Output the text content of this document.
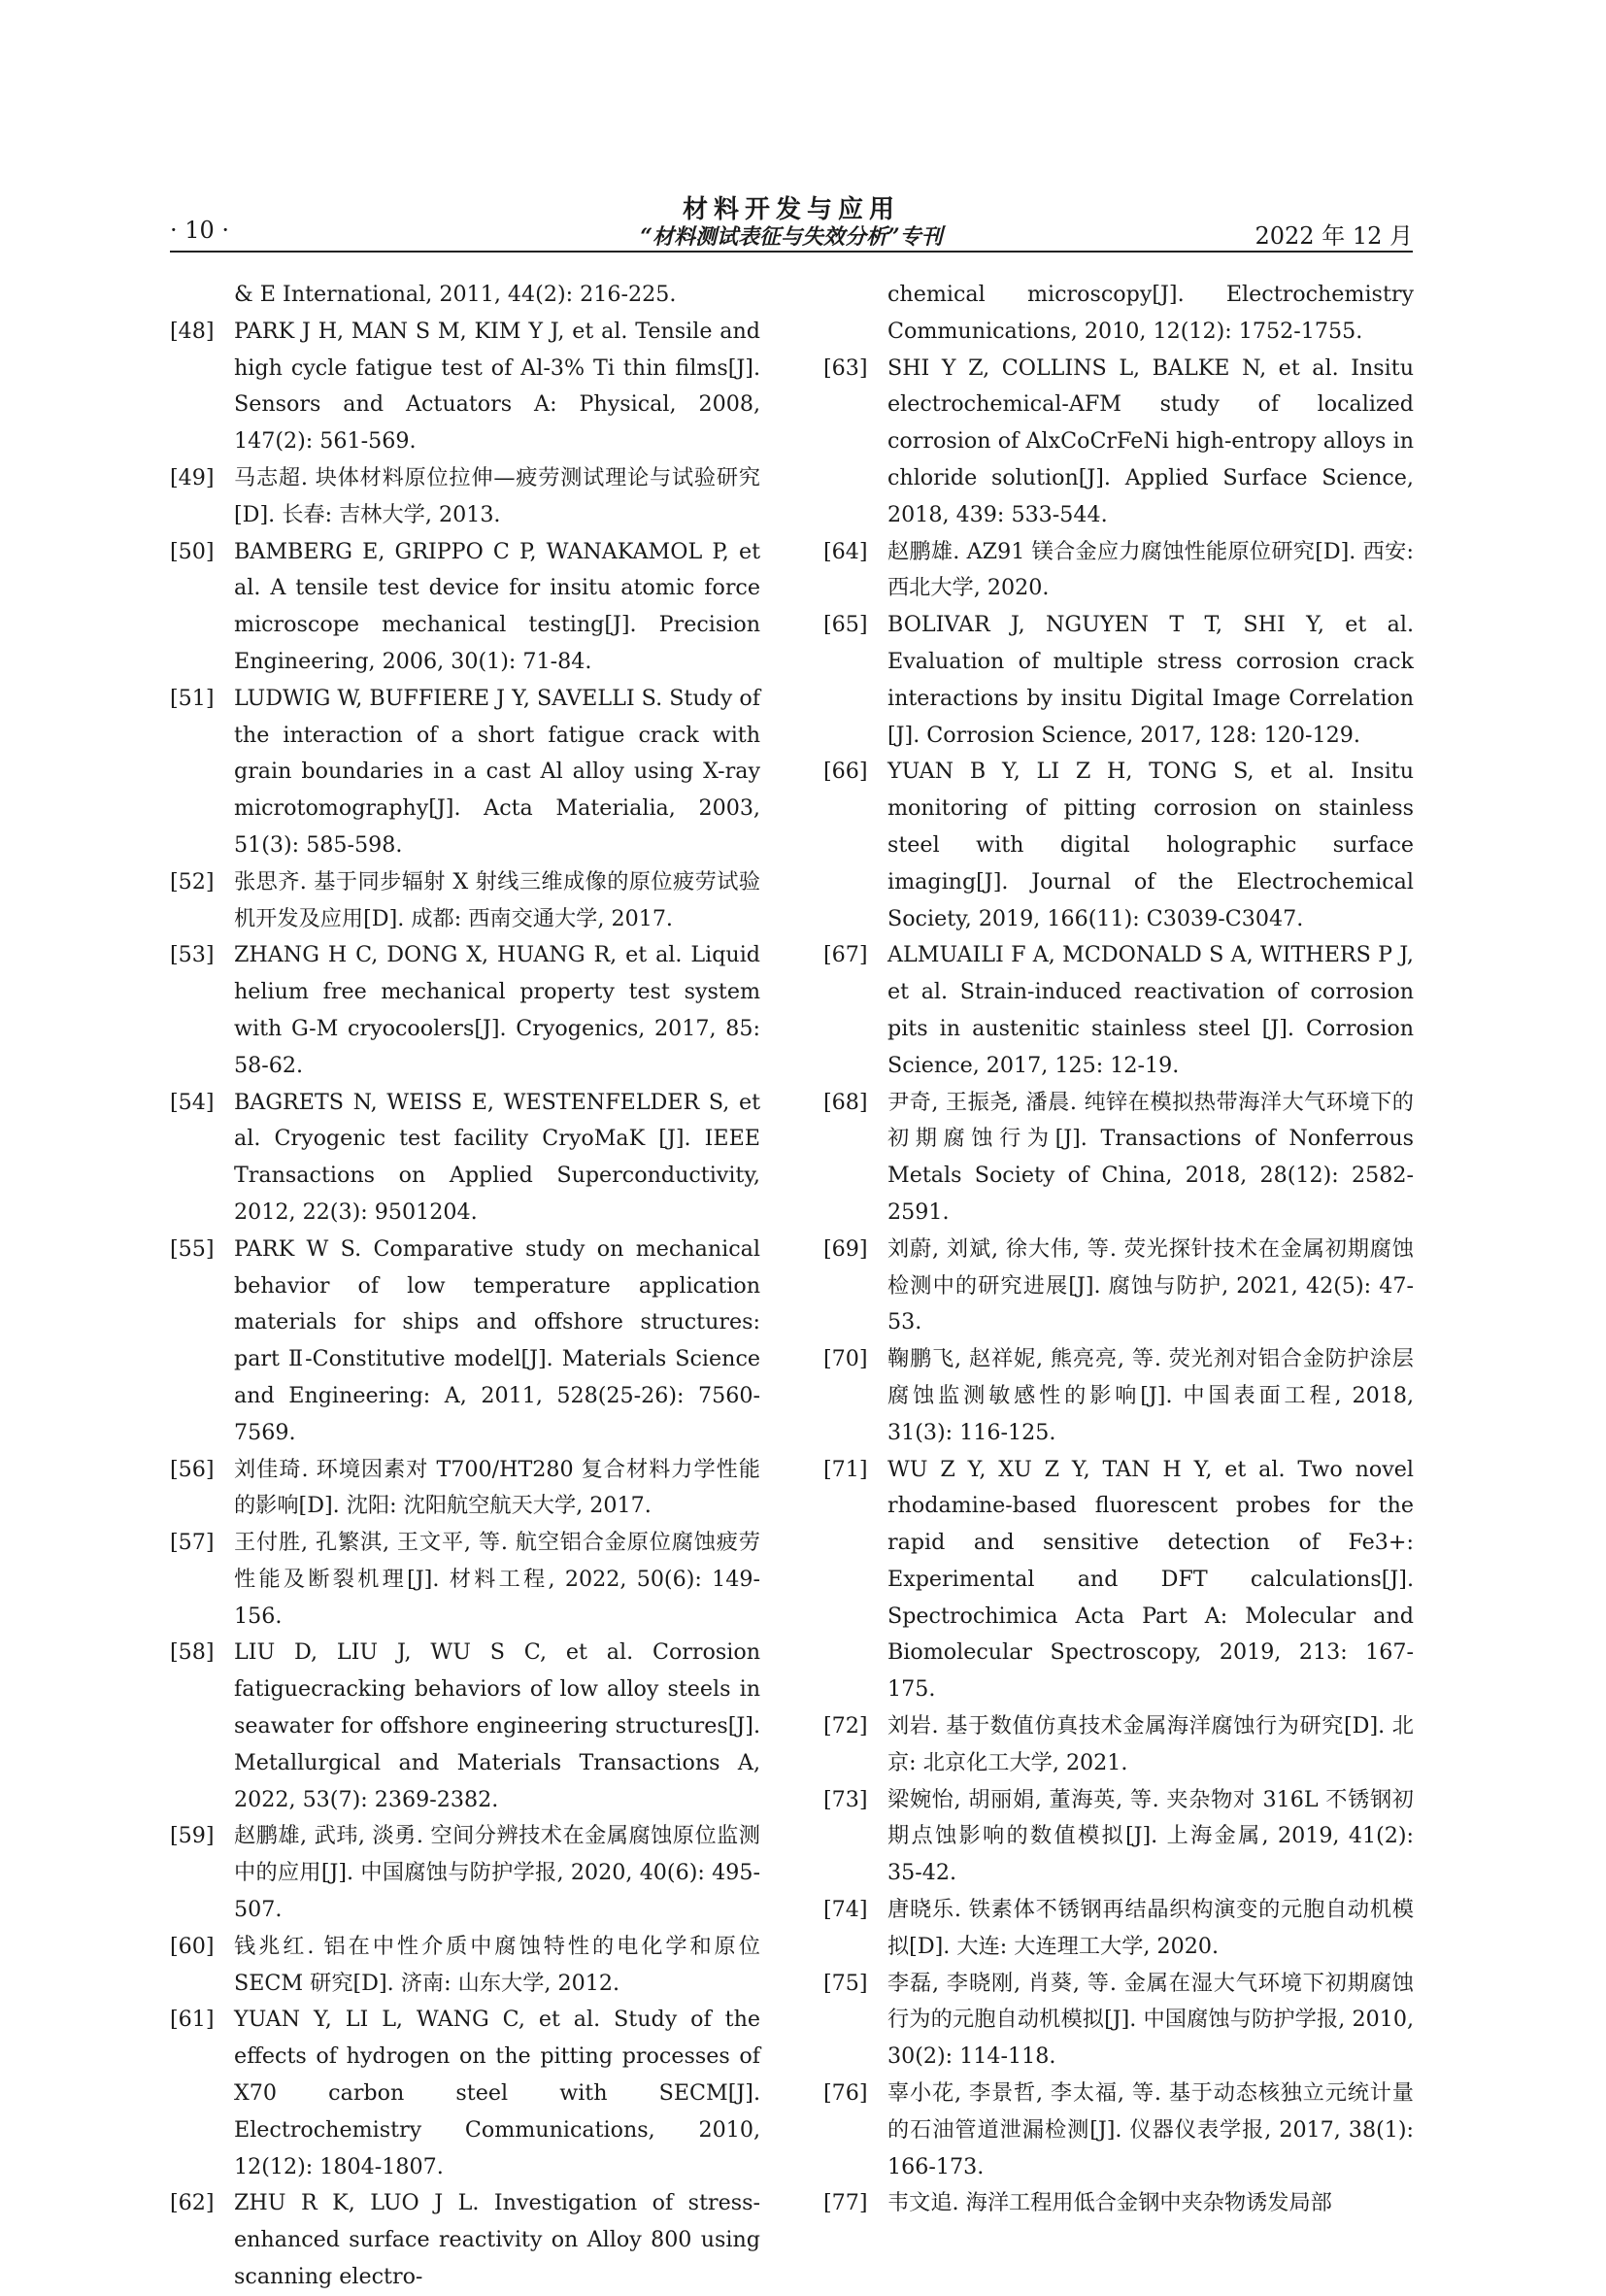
· 10 ·
材料开发与应用
“材料测试表征与失效分析”专刊	2022 年 12 月
& E International, 2011, 44(2): 216-225.
[48] PARK J H, MAN S M, KIM Y J, et al. Tensile and high cycle fatigue test of Al-3% Ti thin films[J]. Sensors and Actuators A: Physical, 2008, 147(2): 561-569.
[49] 马志超. 块体材料原位拉伸—疲劳测试理论与试验研究[D]. 长春: 吉林大学, 2013.
[50] BAMBERG E, GRIPPO C P, WANAKAMOL P, et al. A tensile test device for insitu atomic force microscope mechanical testing[J]. Precision Engineering, 2006, 30(1): 71-84.
[51] LUDWIG W, BUFFIERE J Y, SAVELLI S. Study of the interaction of a short fatigue crack with grain boundaries in a cast Al alloy using X-ray microtomography[J]. Acta Materialia, 2003, 51(3): 585-598.
[52] 张思齐. 基于同步辐射 X 射线三维成像的原位疲劳试验机开发及应用[D]. 成都: 西南交通大学, 2017.
[53] ZHANG H C, DONG X, HUANG R, et al. Liquid helium free mechanical property test system with G-M cryocoolers[J]. Cryogenics, 2017, 85: 58-62.
[54] BAGRETS N, WEISS E, WESTENFELDER S, et al. Cryogenic test facility CryoMaK [J]. IEEE Transactions on Applied Superconductivity, 2012, 22(3): 9501204.
[55] PARK W S. Comparative study on mechanical behavior of low temperature application materials for ships and offshore structures: part Ⅱ-Constitutive model[J]. Materials Science and Engineering: A, 2011, 528(25-26): 7560-7569.
[56] 刘佳琦. 环境因素对 T700/HT280 复合材料力学性能的影响[D]. 沈阳: 沈阳航空航天大学, 2017.
[57] 王付胜, 孔繁淇, 王文平, 等. 航空铝合金原位腐蚀疲劳性能及断裂机理[J]. 材料工程, 2022, 50(6): 149-156.
[58] LIU D, LIU J, WU S C, et al. Corrosion fatiguecracking behaviors of low alloy steels in seawater for offshore engineering structures[J]. Metallurgical and Materials Transactions A, 2022, 53(7): 2369-2382.
[59] 赵鹏雄, 武玮, 淡勇. 空间分辨技术在金属腐蚀原位监测中的应用[J]. 中国腐蚀与防护学报, 2020, 40(6): 495-507.
[60] 钱兆红. 铝在中性介质中腐蚀特性的电化学和原位 SECM 研究[D]. 济南: 山东大学, 2012.
[61] YUAN Y, LI L, WANG C, et al. Study of the effects of hydrogen on the pitting processes of X70 carbon steel with SECM[J]. Electrochemistry Communications, 2010, 12(12): 1804-1807.
[62] ZHU R K, LUO J L. Investigation of stress-enhanced surface reactivity on Alloy 800 using scanning electro-
chemical microscopy[J]. Electrochemistry Communications, 2010, 12(12): 1752-1755.
[63] SHI Y Z, COLLINS L, BALKE N, et al. Insitu electrochemical-AFM study of localized corrosion of AlxCoCrFeNi high-entropy alloys in chloride solution[J]. Applied Surface Science, 2018, 439: 533-544.
[64] 赵鹏雄. AZ91 镁合金应力腐蚀性能原位研究[D]. 西安: 西北大学, 2020.
[65] BOLIVAR J, NGUYEN T T, SHI Y, et al. Evaluation of multiple stress corrosion crack interactions by insitu Digital Image Correlation [J]. Corrosion Science, 2017, 128: 120-129.
[66] YUAN B Y, LI Z H, TONG S, et al. Insitu monitoring of pitting corrosion on stainless steel with digital holographic surface imaging[J]. Journal of the Electrochemical Society, 2019, 166(11): C3039-C3047.
[67] ALMUAILI F A, MCDONALD S A, WITHERS P J, et al. Strain-induced reactivation of corrosion pits in austenitic stainless steel [J]. Corrosion Science, 2017, 125: 12-19.
[68] 尹奇, 王振尧, 潘晨. 纯锌在模拟热带海洋大气环境下的初期腐蚀行为[J]. Transactions of Nonferrous Metals Society of China, 2018, 28(12): 2582-2591.
[69] 刘蔚, 刘斌, 徐大伟, 等. 荧光探针技术在金属初期腐蚀检测中的研究进展[J]. 腐蚀与防护, 2021, 42(5): 47-53.
[70] 鞠鹏飞, 赵祥妮, 熊亮亮, 等. 荧光剂对铝合金防护涂层腐蚀监测敏感性的影响[J]. 中国表面工程, 2018, 31(3): 116-125.
[71] WU Z Y, XU Z Y, TAN H Y, et al. Two novel rhodamine-based fluorescent probes for the rapid and sensitive detection of Fe3+: Experimental and DFT calculations[J]. Spectrochimica Acta Part A: Molecular and Biomolecular Spectroscopy, 2019, 213: 167-175.
[72] 刘岩. 基于数值仿真技术金属海洋腐蚀行为研究[D]. 北京: 北京化工大学, 2021.
[73] 梁婉怡, 胡丽娟, 董海英, 等. 夹杂物对 316L 不锈钢初期点蚀影响的数值模拟[J]. 上海金属, 2019, 41(2): 35-42.
[74] 唐晓乐. 铁素体不锈钢再结晶织构演变的元胞自动机模拟[D]. 大连: 大连理工大学, 2020.
[75] 李磊, 李晓刚, 肖葵, 等. 金属在湿大气环境下初期腐蚀行为的元胞自动机模拟[J]. 中国腐蚀与防护学报, 2010, 30(2): 114-118.
[76] 辜小花, 李景哲, 李太福, 等. 基于动态核独立元统计量的石油管道泄漏检测[J]. 仪器仪表学报, 2017, 38(1): 166-173.
[77] 韦文追. 海洋工程用低合金钢中夹杂物诱发局部
